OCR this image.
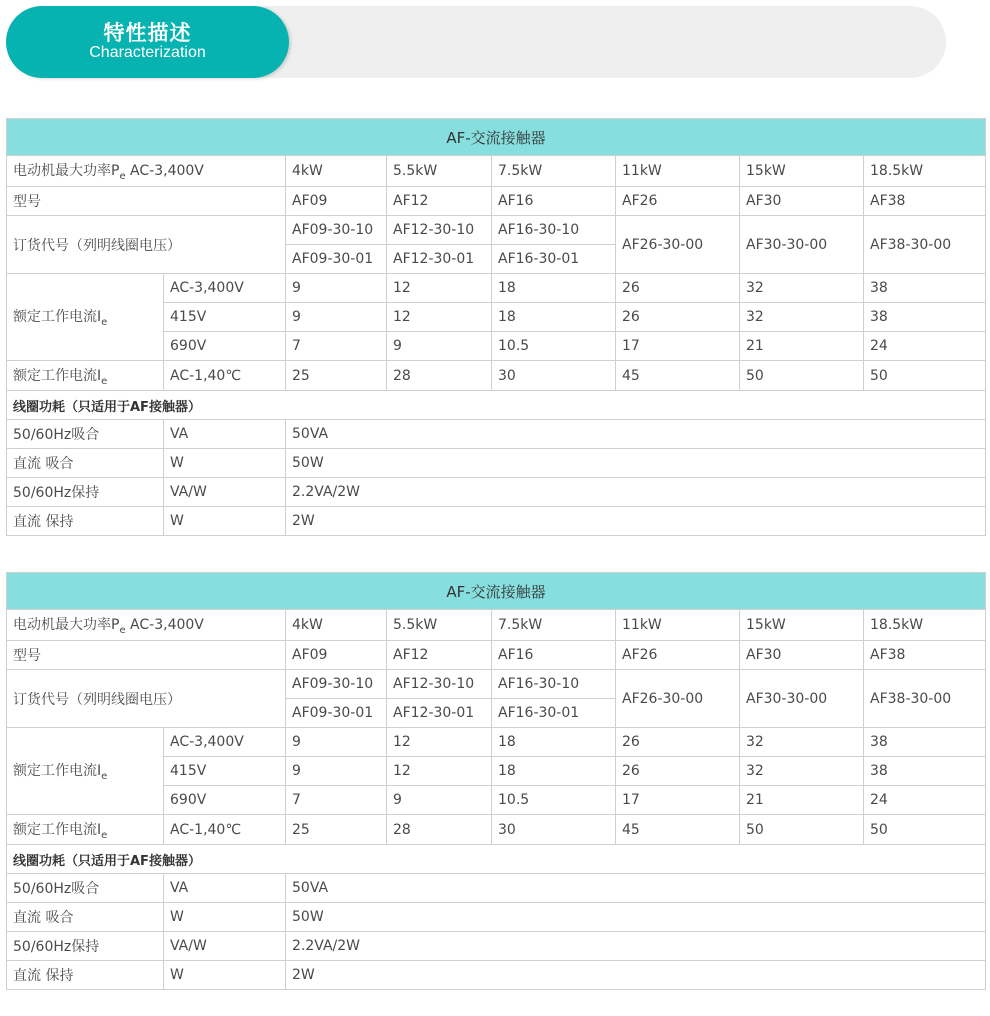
特性描述
Characterization
AF-交流接触器							
电动机最大功率$P_e$ AC-3,400V		4kW	5.5kW	7.5kW	11kW	15kW	18.5kW
型号		AF09	AF12	AF16	AF26	AF30	AF38
订货代号（列明线圈电压）		AF09-30-10	AF12-30-10	AF16-30-10	AF26-30-00	AF30-30-00	AF38-30-00
		AF09-30-01	AF12-30-01	AF16-30-01			
额定工作电流$I_e$	AC-3,400V	9	12	18	26	32	38
	415V	9	12	18	26	32	38
	690V	7	9	10.5	17	21	24
额定工作电流$I_e$	AC-1,40℃	25	28	30	45	50	50
线圈功耗（只适用于AF接触器）							
50/60Hz吸合	VA	50VA					
直流 吸合	W	50W					
50/60Hz保持	VA/W	2.2VA/2W					
直流 保持	W	2W					
AF-交流接触器							
电动机最大功率$P_e$ AC-3,400V		4kW	5.5kW	7.5kW	11kW	15kW	18.5kW
型号		AF09	AF12	AF16	AF26	AF30	AF38
订货代号（列明线圈电压）		AF09-30-10	AF12-30-10	AF16-30-10	AF26-30-00	AF30-30-00	AF38-30-00
		AF09-30-01	AF12-30-01	AF16-30-01			
额定工作电流$I_e$	AC-3,400V	9	12	18	26	32	38
	415V	9	12	18	26	32	38
	690V	7	9	10.5	17	21	24
额定工作电流$I_e$	AC-1,40℃	25	28	30	45	50	50
线圈功耗（只适用于AF接触器）							
50/60Hz吸合	VA	50VA					
直流 吸合	W	50W					
50/60Hz保持	VA/W	2.2VA/2W					
直流 保持	W	2W					
